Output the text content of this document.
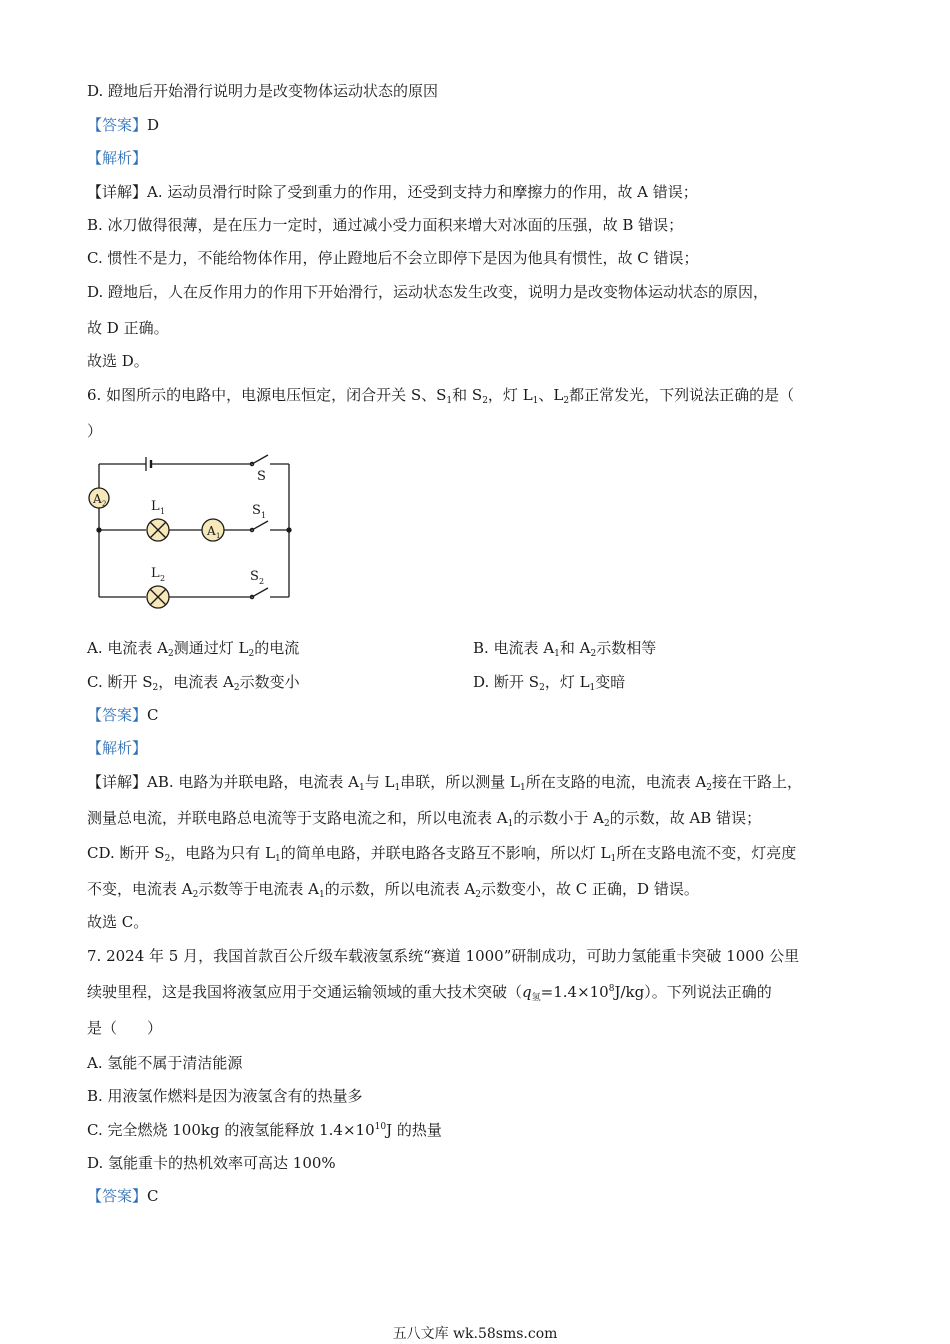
D. 蹬地后开始滑行说明力是改变物体运动状态的原因
【答案】D
【解析】
【详解】A. 运动员滑行时除了受到重力的作用，还受到支持力和摩擦力的作用，故 A 错误；
B. 冰刀做得很薄，是在压力一定时，通过减小受力面积来增大对冰面的压强，故 B 错误；
C. 惯性不是力，不能给物体作用，停止蹬地后不会立即停下是因为他具有惯性，故 C 错误；
D. 蹬地后，人在反作用力的作用下开始滑行，运动状态发生改变，说明力是改变物体运动状态的原因，
故 D 正确。
故选 D。
6. 如图所示的电路中，电源电压恒定，闭合开关 S、$S_1$和 $S_2$，灯 $L_1$、$L_2$都正常发光，下列说法正确的是（
）
A 2	L 1
A 1
L 2
S
S 1
S 2
A. 电流表 $A_2$测通过灯 $L_2$的电流	B. 电流表 $A_1$和 $A_2$示数相等
C. 断开 $S_2$，电流表 $A_2$示数变小	D. 断开 $S_2$，灯 $L_1$变暗
【答案】C
【解析】
【详解】AB. 电路为并联电路，电流表 $A_1$与 $L_1$串联，所以测量 $L_1$所在支路的电流，电流表 $A_2$接在干路上，
测量总电流，并联电路总电流等于支路电流之和，所以电流表 $A_1$的示数小于 $A_2$的示数，故 AB 错误；
CD. 断开 $S_2$，电路为只有 $L_1$的简单电路，并联电路各支路互不影响，所以灯 $L_1$所在支路电流不变，灯亮度
不变，电流表 $A_2$示数等于电流表 $A_1$的示数，所以电流表 $A_2$示数变小，故 C 正确，D 错误。
故选 C。
7. 2024 年 5 月，我国首款百公斤级车载液氢系统“赛道 1000”研制成功，可助力氢能重卡突破 1000 公里
续驶里程，这是我国将液氢应用于交通运输领域的重大技术突破$(q_氢=1.4\times 10^8J/kg)$。下列说法正确的
是（　　）
A. 氢能不属于清洁能源
B. 用液氢作燃料是因为液氢含有的热量多
C. 完全燃烧 100kg 的液氢能释放 $1.4\times 10^{10}J$ 的热量
D. 氢能重卡的热机效率可高达 100%
【答案】C
五八文库 wk.58sms.com
